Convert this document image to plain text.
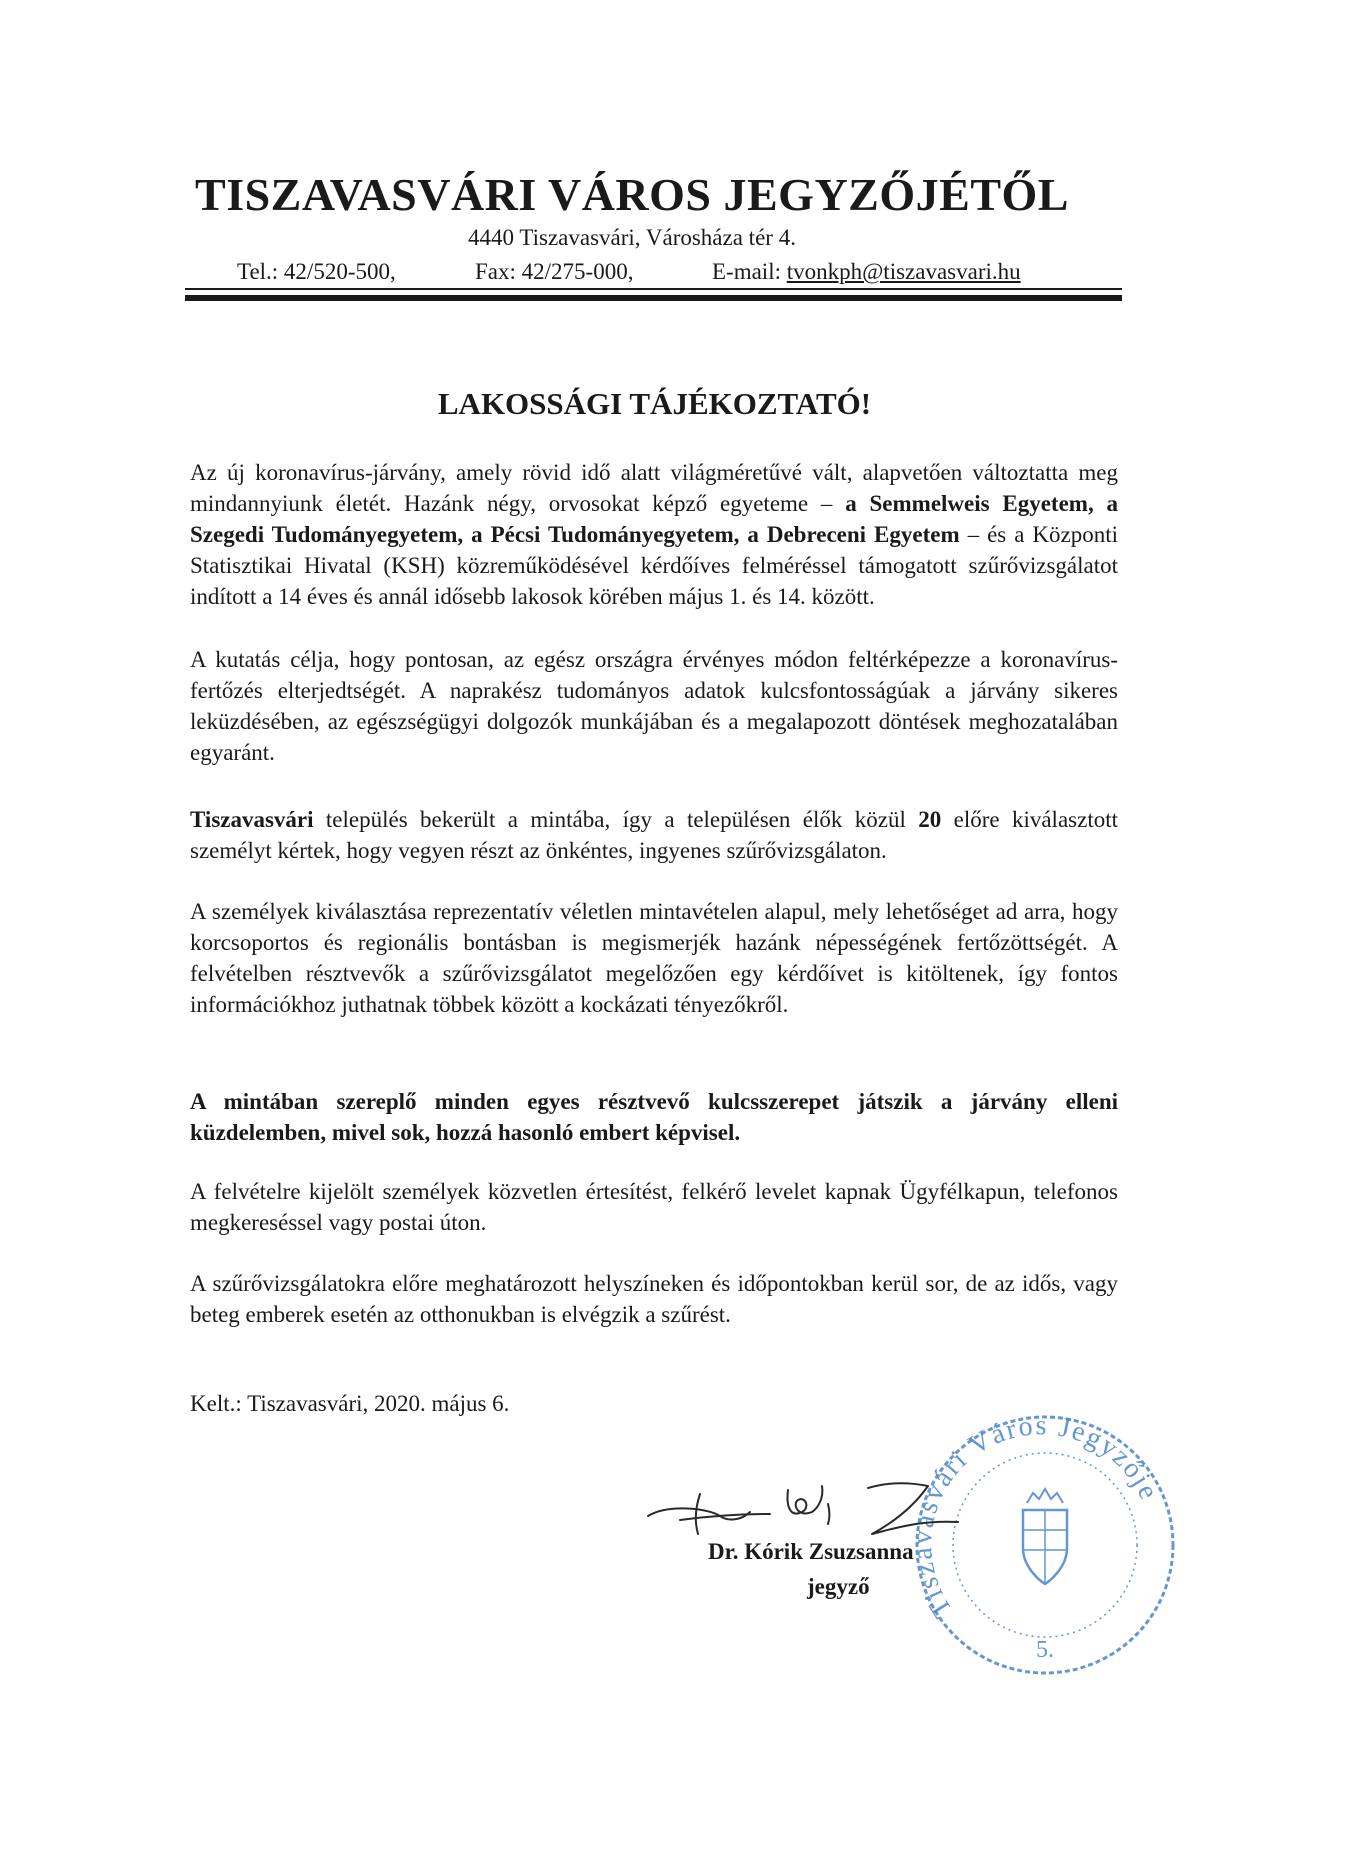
TISZAVASVÁRI VÁROS JEGYZŐJÉTŐL
4440 Tiszavasvári, Városháza tér 4.
Tel.: 42/520-500,	Fax: 42/275-000,	E-mail: tvonkph@tiszavasvari.hu
LAKOSSÁGI TÁJÉKOZTATÓ!

Az új koronavírus-járvány, amely rövid idő alatt világméretűvé vált, alapvetően változtatta meg mindannyiunk életét. Hazánk négy, orvosokat képző egyeteme – a Semmelweis Egyetem, a Szegedi Tudományegyetem, a Pécsi Tudományegyetem, a Debreceni Egyetem – és a Központi Statisztikai Hivatal (KSH) közreműködésével kérdőíves felméréssel támogatott szűrővizsgálatot indított a 14 éves és annál idősebb lakosok körében május 1. és 14. között.

A kutatás célja, hogy pontosan, az egész országra érvényes módon feltérképezze a koronavírus-fertőzés elterjedtségét. A naprakész tudományos adatok kulcsfontosságúak a járvány sikeres leküzdésében, az egészségügyi dolgozók munkájában és a megalapozott döntések meghozatalában egyaránt.

Tiszavasvári település bekerült a mintába, így a településen élők közül 20 előre kiválasztott személyt kértek, hogy vegyen részt az önkéntes, ingyenes szűrővizsgálaton.

A személyek kiválasztása reprezentatív véletlen mintavételen alapul, mely lehetőséget ad arra, hogy korcsoportos és regionális bontásban is megismerjék hazánk népességének fertőzöttségét. A felvételben résztvevők a szűrővizsgálatot megelőzően egy kérdőívet is kitöltenek, így fontos információkhoz juthatnak többek között a kockázati tényezőkről.

A mintában szereplő minden egyes résztvevő kulcsszerepet játszik a járvány elleni küzdelemben, mivel sok, hozzá hasonló embert képvisel.

A felvételre kijelölt személyek közvetlen értesítést, felkérő levelet kapnak Ügyfélkapun, telefonos megkereséssel vagy postai úton.

A szűrővizsgálatokra előre meghatározott helyszíneken és időpontokban kerül sor, de az idős, vagy beteg emberek esetén az otthonukban is elvégzik a szűrést.

Kelt.: Tiszavasvári, 2020. május 6.
Tiszavasvári Város Jegyzője
5.
Dr. Kórik Zsuzsanna
jegyző
